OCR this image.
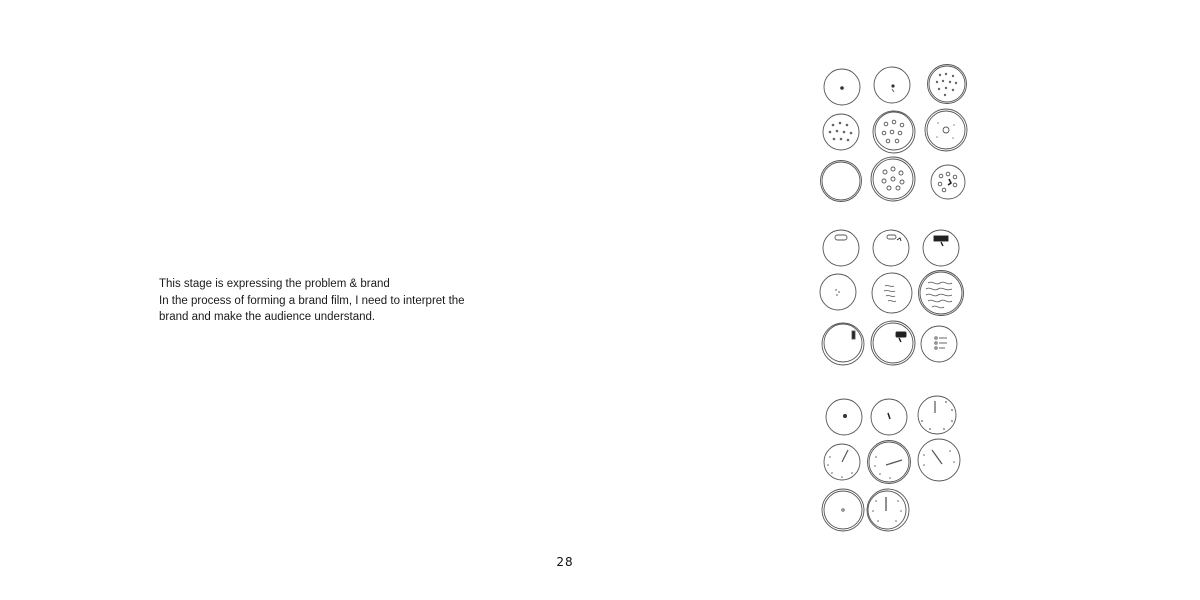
This stage is expressing the problem & brand

In the process of forming a brand film, I need to interpret the

brand and make the audience understand.

28
